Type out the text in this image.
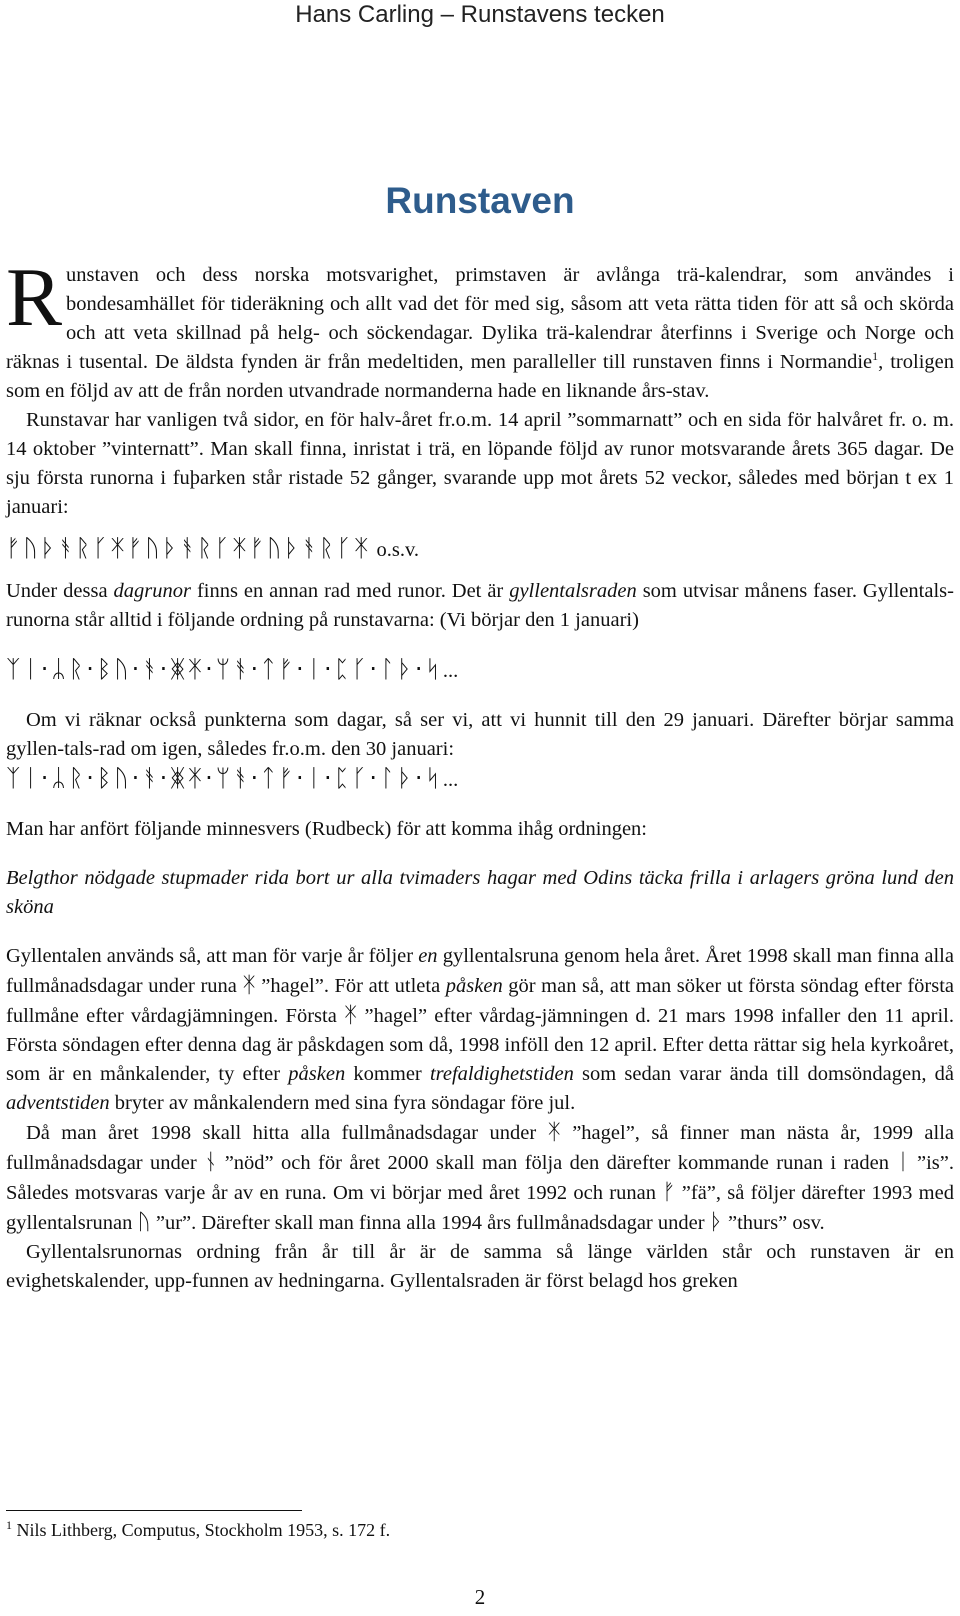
Hans Carling – Runstavens tecken
Runstaven

Runstaven och dess norska motsvarighet, primstaven är avlånga trä-kalendrar, som användes i bondesamhället för tideräkning och allt vad det för med sig, såsom att veta rätta tiden för att så och skörda och att veta skillnad på helg- och söckendagar. Dylika trä-kalendrar återfinns i Sverige och Norge och räknas i tusental. De äldsta fynden är från medeltiden, men paralleller till runstaven finns i Normandie$^1$, troligen som en följd av att de från norden utvandrade normanderna hade en liknande års-stav.

Runstavar har vanligen två sidor, en för halv-året fr.o.m. 14 april ”sommarnatt” och en sida för halvåret fr. o. m. 14 oktober ”vinternatt”. Man skall finna, inristat i trä, en löpande följd av runor motsvarande årets 365 dagar. De sju första runorna i fuþarken står ristade 52 gånger, svarande upp mot årets 52 veckor, således med början t ex 1 januari:

ᚠᚢᚦᚬᚱᚴᛡᚠᚢᚦᚬᚱᚴᛡᚠᚢᚦᚬᚱᚴᛡ o.s.v.

Under dessa dagrunor finns en annan rad med runor. Det är gyllentalsraden som utvisar månens faser. Gyllentals-runorna står alltid i följande ordning på runstavarna: (Vi börjar den 1 januari)

ᛉᛁ·ᛦᚱ·ᛒᚢ·ᚬ·ᛤᛡ·ᛘᚬ·ᛏᚠ·ᛁ·ᛈᚴ·ᛚᚦ·ᛋ...

Om vi räknar också punkterna som dagar, så ser vi, att vi hunnit till den 29 januari. Därefter börjar samma gyllen-tals-rad om igen, således fr.o.m. den 30 januari:

ᛉᛁ·ᛦᚱ·ᛒᚢ·ᚬ·ᛤᛡ·ᛘᚬ·ᛏᚠ·ᛁ·ᛈᚴ·ᛚᚦ·ᛋ...

Man har anfört följande minnesvers (Rudbeck) för att komma ihåg ordningen:

Belgthor nödgade stupmader rida bort ur alla tvimaders hagar med Odins täcka frilla i arlagers gröna lund den sköna

Gyllentalen används så, att man för varje år följer en gyllentalsruna genom hela året. Året 1998 skall man finna alla fullmånadsdagar under runa ᛡ ”hagel”. För att utleta påsken gör man så, att man söker ut första söndag efter första fullmåne efter vårdagjämningen. Första ᛡ ”hagel” efter vårdag-jämningen d. 21 mars 1998 infaller den 11 april. Första söndagen efter denna dag är påskdagen som då, 1998 inföll den 12 april. Efter detta rättar sig hela kyrkoåret, som är en månkalender, ty efter påsken kommer trefaldighetstiden som sedan varar ända till domsöndagen, då adventstiden bryter av månkalendern med sina fyra söndagar före jul.

Då man året 1998 skall hitta alla fullmånadsdagar under ᛡ ”hagel”, så finner man nästa år, 1999 alla fullmånadsdagar under ᚾ ”nöd” och för året 2000 skall man följa den därefter kommande runan i raden ᛁ ”is”. Således motsvaras varje år av en runa. Om vi börjar med året 1992 och runan ᚠ ”fä”, så följer därefter 1993 med gyllentalsrunan ᚢ ”ur”. Därefter skall man finna alla 1994 års fullmånadsdagar under ᚦ ”thurs” osv.

Gyllentalsrunornas ordning från år till år är de samma så länge världen står och runstaven är en evighetskalender, upp-funnen av hedningarna. Gyllentalsraden är först belagd hos greken

$^1$ Nils Lithberg, Computus, Stockholm 1953, s. 172 f.
2
